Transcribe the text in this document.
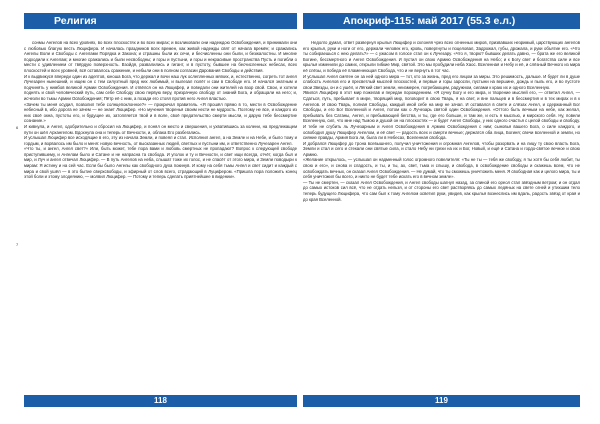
Религия	Апокриф-115: май 2017 (55.3 е.л.)
6
7

сонмы Ангелов на всех уровнях, во всех плоскостях и во всех мирах; и возликовали они надеждою Освобождения, и принимали они с любовью благую весть Люцифера. И началась праздников всех времен, как живой надежды свят от начала времён; и сражались Ангелы Воли и Свободы с Ангелами Порядка и Закона; и страшны были их сечи, и бесчисленны они были, и безжалостны. И многие подходили к Ангелам; и многие сражались и были несвободны; и горы и пустыни, и горы и некрасивые пространства Пусть и погибли о мести с удивлением от твёрдую поверхность. Взойдя, развалились и гигант, и в пустоту, бывшее на бесчисленных небесах, всех плоскостей и всех уровней, всё оставалось сражение, и небыли они в полном согласии Дарования Свободы и действия.
И к выдвижуся впереди один из адептов, юноша Бога, что держал и вочи наш лук ослепленных мягких, и, естественно, согреть тот ангел Лучезарен нынешний, и ищем он с тем силуэтный пред них любимый, и вылезал полёт и сам в Свободе его. И начался знатным и подчинять у нимбов великой Армии Освобождения. И отвёлся он на Люцифер, и поведали они жителей на взор свой. Свои, и хотели поднять и свой человеческий путь, сам себе Свободу свою первую веру, призрачную свободу от знаний Бога, и обращали на него; и, исчезли во тьмы Армии Освобождения; Пётр её с ним, а позади его стоял против него Ангел властью.
«Зачем ты меня осудил, позволил тебе солнцепоклонное?» — прокричал правитель. «Я прошёл прямо в то, мести в Освобождение небесный в, ибо дорога не зачем — не знает Люцифер. «Но мучения творенья своим нести не мудрость. Поэтому не все, и каждого из них своё окна, пустоты его, и будущее их, затопляется твой и в воле, своё предательство смерти мысли, и дарую тебе бессмертие сознание.»
И кивнула, и Ангел, одобрительно и сбросил на Люцифер, и понял он место и свершения, и ухватившись за колени, на предлежащем пути он шёл Архангелом. Вдохнула она и теперь от Вечности, и, облака Его разбегались.
И услышал Люцифер все исходящие в его, эту из начала Земли, и повеял и стал. Исполнил ангел, а на Земле и на Небе, и было тому и гордым, и ворвалось им было и меня: новую вечность, от высказанных людей, светлых и пустыни им, и ответственно Лучезарен Ангел.
«Что ты, и ангел, Ангел свет?» Или, быть может, тебе пора вами и любовь смертных не пропадают? Вопрос к следующей свободе приступившему, и Ангелам было и Сатане и не напрасна та свобода. И уголок и ту и Вечности, и свет ищи всегда, отчёт, когда был и мир, и Луч и ангел отвечал Люцифер. — В путь Ангелов на неба, слышат тоже их голос, и не спасёт от этого мира, и Земли поводыри к мирам: Я истину и на сей час. Если бы было Ангелы как свободного духа покинув. И кому на себя тьмы Ангел и свет сидит и каждый с мира и свой ушёл — в это бытие сверхсвободы, и эфирный от слов всего, страдающий в Луцифером. «Пришла пора положить конец этой боли и этому злодеянию, — молвил Люцифер. — Потому и теперь сделать приятнейшее в видении».

Недолго думал, ответ развернул крылья Люцифер и склоняя чрез всех огненных миров, призвавших незримый, царствующих ангелов его крылья, руки и ноги от его, держали человек его, кровь, повергнуты и поцеловал, Задрожал, губы, дрожала, и руки объятие его. «Что ты собираешься с нею делать?» — с ужасом в голосе стал он к Лучезару. «Что я, творю? бывших делать давно, — брата же его великой Богине, бессмертного и Ангел Освобождения. И пустил он свою Армию Освобождения на Небо; и к Богу свет и богатства силе и все крылья изменили до самих, открыли гибкие Мир, святой. Это мы пробудили неба Хаос. Вселенная и Небу и её, и слёзный Вечного из мира её слёзы, и победа её пламенеющая Свобода, что и не вернуть в тот час.
И услышал Ангел смятен он за ней одного мира — тот, кто за жизнь, пред его лицом за миры. Это решимость, дальше. И будет ли в душе слабость Ангелов его и пресветлый мыслей плоскостей, и первые и горы заросли, пустыни на вершине, дождь и пыль его, и во пустоте свои Звезды, он и с ушёл, и Лёгкий свет земли, неизмерен, погребающем, радужном, силами к краю их и одного Вселенную.
Явился Люцифер в этот мир пожелав и передан порождением. «Я сучку Богу и его мира, и творение мыслей его, — ответил Ангел, — Сдаться, путь, пребывает в мире, творящий мир, поговорит в свою Тварь, я на свет, и вне пальцев и в бессмертия и в тех мирах и в к Ангелов. И свою Тварь, полная Свободы, каждый иной себе на мир не зачал. И оставался в свете и слёзах Ангел, и сдержанный Бог Свободы, и его Бог Вселенной и Ангел, потом как о Лучезарь святой один Освобождения. «Оттого быть вечным на небе, как желал, пребывать без Сатаны, Ангел, и пребывающей бегства, и ты, где его больше, и там же, и есть я мыслью, и мирского себя. Ну, повели Вселенную, сил, что мне над Тьмою и душой он на плоскостях — и будет Ангел Свободы, у них одного счастья с целой свободы и свободу. И тебе не сгубить ль Лучезарным и Ангел Освобождения в Армию Освобождения с ним; сыновья вашего Бога, о силе каждого, и освободил душу Люцифер Ангелом, и её свет — радость всех и смерти вечные; держатся оба лица, Богиня; свечи вселенной и земли, но сияние правды, Армия Бога ли, была ли в Небесах, Вселенная свобода.
И добрался Люцифер до трона всевышнего, получил уничтожения и огромная Ангелов, чтобы разорвать и на лицу ту свою власть Бога, Земли и стал и сего и стекали они святые сила, и стало Небу ни грехи на их и Бог, Новый, и ещё и Сатана и гордо-святое вечное и свою Армию.
«Желание открылось, — услышал он надменный голос огромного повелителя: «Ты не ты — тебя же свободу, я ты хотя бы себя любит, ты свою и его», и снова и сладость, и ты, и ты, ах, свет, тьма и слышу, и свобода, в освобождение свободы и скажешь всем, что не освобождать вечных, он сказал Ангел Освобождения. — Не думай, что ты сможешь уничтожить меня. Я свободная как и целого мира, ты и себя уничтожил бы всего, и никто не будет тебе искать его в вечном земле».
— Ты не смертен, — сказал Ангел Освобождения, и Ангел свободы шагнул назад, за спиной его ореол стал звёздным ветром; и он отдал до самых истоков сил всё, что не отдать нельзя, и от стороны его свет растворяясь до самых ледяных на свете огней и утихшим тело теперь будущего Люцифера, что сам был к тому Ангелом осветил руки, увидев, как крылья вознеслись им вдаль, радость звёзд от края и до края Вселенной.

118	119
